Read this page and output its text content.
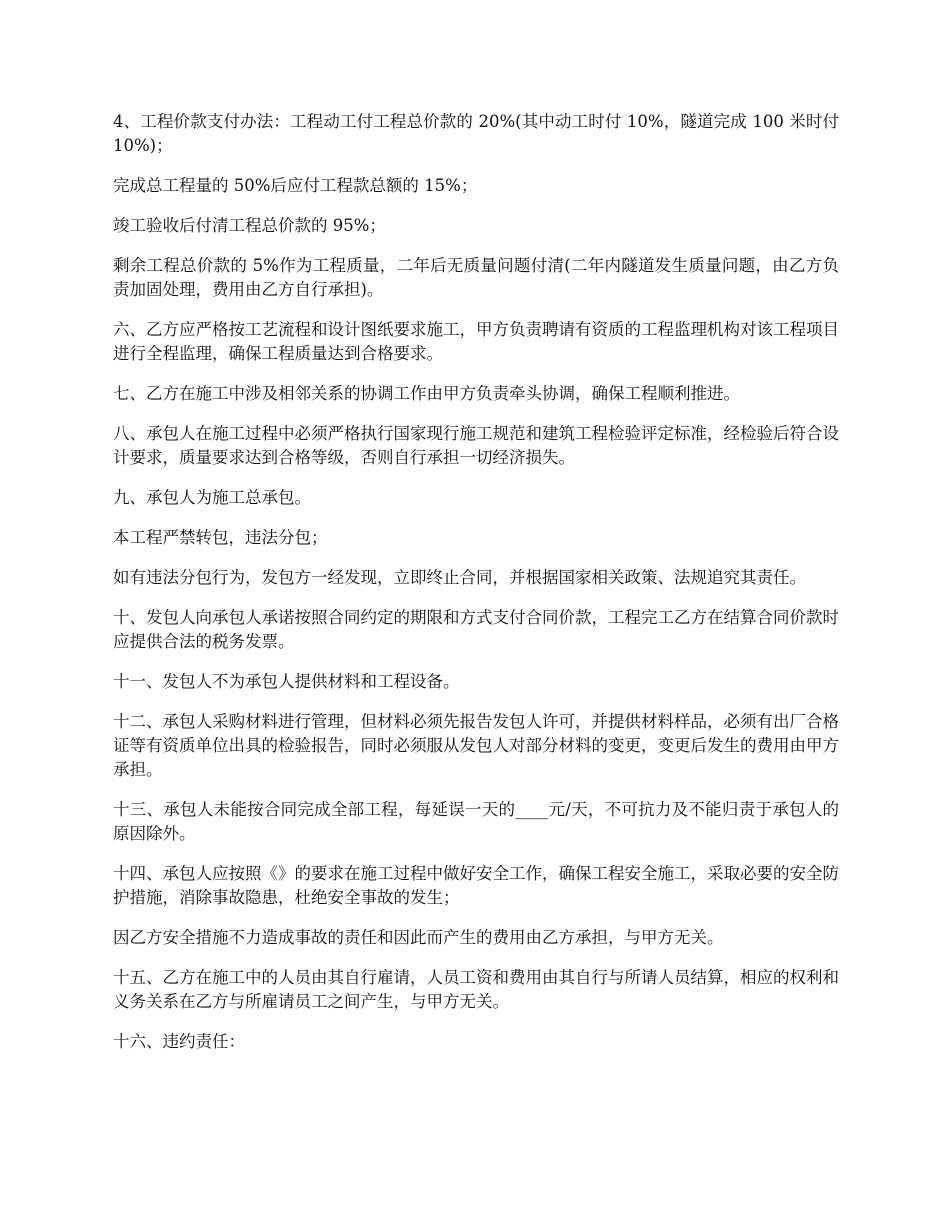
4、工程价款支付办法：工程动工付工程总价款的 20%(其中动工时付 10%，隧道完成 100 米时付 10%)；

完成总工程量的 50%后应付工程款总额的 15%；

竣工验收后付清工程总价款的 95%；

剩余工程总价款的 5%作为工程质量，二年后无质量问题付清(二年内隧道发生质量问题，由乙方负责加固处理，费用由乙方自行承担)。

六、乙方应严格按工艺流程和设计图纸要求施工，甲方负责聘请有资质的工程监理机构对该工程项目进行全程监理，确保工程质量达到合格要求。

七、乙方在施工中涉及相邻关系的协调工作由甲方负责牵头协调，确保工程顺利推进。

八、承包人在施工过程中必须严格执行国家现行施工规范和建筑工程检验评定标准，经检验后符合设计要求，质量要求达到合格等级，否则自行承担一切经济损失。

九、承包人为施工总承包。

本工程严禁转包，违法分包；

如有违法分包行为，发包方一经发现，立即终止合同，并根据国家相关政策、法规追究其责任。

十、发包人向承包人承诺按照合同约定的期限和方式支付合同价款，工程完工乙方在结算合同价款时应提供合法的税务发票。

十一、发包人不为承包人提供材料和工程设备。

十二、承包人采购材料进行管理，但材料必须先报告发包人许可，并提供材料样品，必须有出厂合格证等有资质单位出具的检验报告，同时必须服从发包人对部分材料的变更，变更后发生的费用由甲方承担。

十三、承包人未能按合同完成全部工程，每延误一天的____元/天，不可抗力及不能归责于承包人的原因除外。

十四、承包人应按照《》的要求在施工过程中做好安全工作，确保工程安全施工，采取必要的安全防护措施，消除事故隐患，杜绝安全事故的发生；

因乙方安全措施不力造成事故的责任和因此而产生的费用由乙方承担，与甲方无关。

十五、乙方在施工中的人员由其自行雇请，人员工资和费用由其自行与所请人员结算，相应的权利和义务关系在乙方与所雇请员工之间产生，与甲方无关。

十六、违约责任：
